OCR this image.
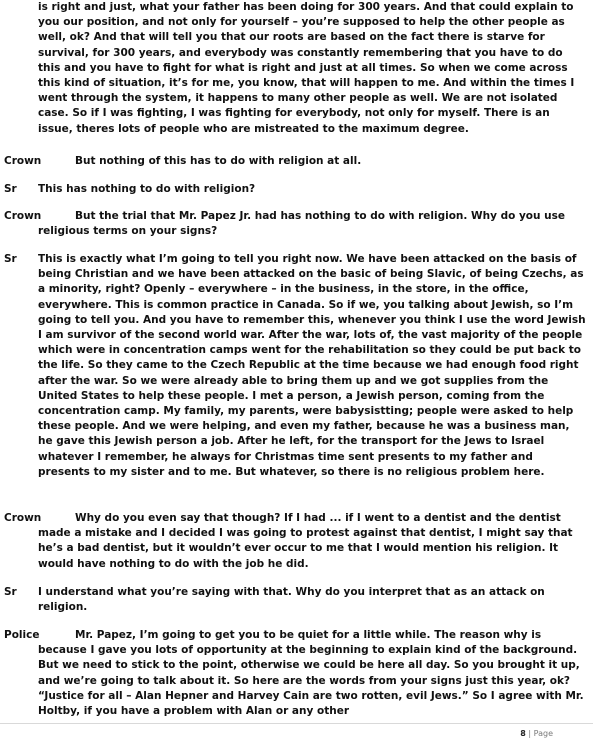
is right and just, what your father has been doing for 300 years. And that could explain to you our position, and not only for yourself – you’re supposed to help the other people as well, ok? And that will tell you that our roots are based on the fact there is starve for survival, for 300 years, and everybody was constantly remembering that you have to do this and you have to fight for what is right and just at all times. So when we come across this kind of situation, it’s for me, you know, that will happen to me. And within the times I went through the system, it happens to many other people as well. We are not isolated case. So if I was fighting, I was fighting for everybody, not only for myself. There is an issue, theres lots of people who are mistreated to the maximum degree.
Crown	But nothing of this has to do with religion at all.
Sr This has nothing to do with religion?
Crown	But the trial that Mr. Papez Jr. had has nothing to do with religion. Why do you use religious terms on your signs?
Sr This is exactly what I’m going to tell you right now. We have been attacked on the basis of being Christian and we have been attacked on the basic of being Slavic, of being Czechs, as a minority, right? Openly – everywhere – in the business, in the store, in the office, everywhere. This is common practice in Canada. So if we, you talking about Jewish, so I’m going to tell you. And you have to remember this, whenever you think I use the word Jewish I am survivor of the second world war. After the war, lots of, the vast majority of the people which were in concentration camps went for the rehabilitation so they could be put back to the life. So they came to the Czech Republic at the time because we had enough food right after the war. So we were already able to bring them up and we got supplies from the United States to help these people. I met a person, a Jewish person, coming from the concentration camp. My family, my parents, were babysistting; people were asked to help these people. And we were helping, and even my father, because he was a business man, he gave this Jewish person a job. After he left, for the transport for the Jews to Israel whatever I remember, he always for Christmas time sent presents to my father and presents to my sister and to me. But whatever, so there is no religious problem here.
Crown	Why do you even say that though? If I had ... if I went to a dentist and the dentist made a mistake and I decided I was going to protest against that dentist, I might say that he’s a bad dentist, but it wouldn’t ever occur to me that I would mention his religion. It would have nothing to do with the job he did.
Sr I understand what you’re saying with that. Why do you interpret that as an attack on religion.
Police	Mr. Papez, I’m going to get you to be quiet for a little while. The reason why is because I gave you lots of opportunity at the beginning to explain kind of the background. But we need to stick to the point, otherwise we could be here all day. So you brought it up, and we’re going to talk about it. So here are the words from your signs just this year, ok? “Justice for all – Alan Hepner and Harvey Cain are two rotten, evil Jews.” So I agree with Mr. Holtby, if you have a problem with Alan or any other
8 | Page
